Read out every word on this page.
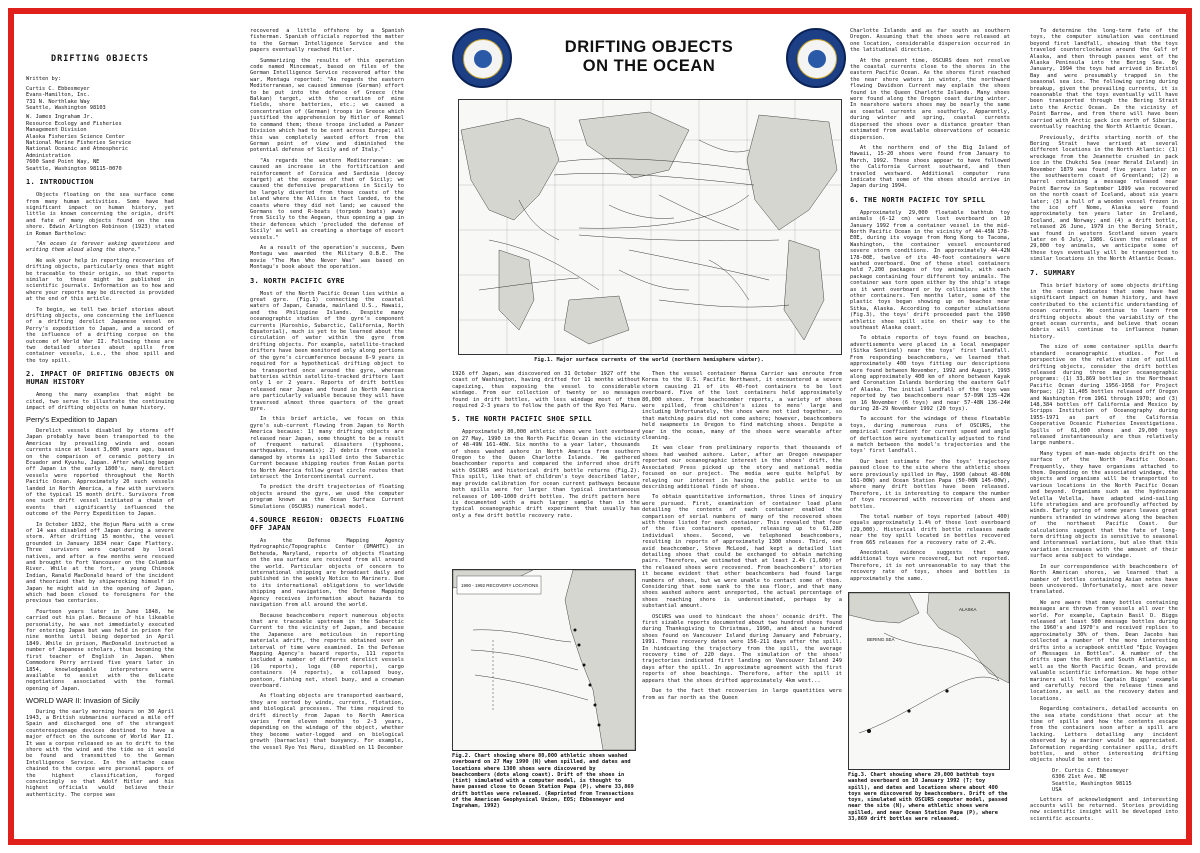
DRIFTING OBJECTS
Written by:
Curtis C. Ebbesmeyer
Evans-Hamilton, Inc.
731 N. Northlake Way
Seattle, Washington 98103
W. James Ingraham Jr.
Resource Ecology and Fisheries
Management Division
Alaska Fisheries Science Center
National Marine Fisheries Service
National Oceanic and Atmospheric
Administration
7600 Sand Point Way, NE
Seattle, Washington 98115-0070
1. INTRODUCTION

Objects floating on the sea surface come from many human activities. Some have had significant impact on human history, yet little is known concerning the origin, drift and fate of many objects found on the sea shore. Edwin Arlington Robinson (1923) stated in Roman Bartholow:

"An ocean is forever asking questions and writing them aloud along the shore."

We ask your help in reporting recoveries of drifting objects, particularly ones that might be traceable to their origin, so that reports similar to these might be published in scientific journals. Information as to how and where your reports may be directed is provided at the end of this article.

To begin, we tell two brief stories about drifting objects, one concerning the influence of a drifting derelict Japanese vessel on Perry's expedition to Japan, and a second of the influence of a drifting corpse on the outcome of World War II. Following these are two detailed stories about spills from container vessels, i.e., the shoe spill and the toy spill.

2. IMPACT OF DRIFTING OBJECTS ON HUMAN HISTORY

Among the many examples that might be cited, two serve to illustrate the continuing impact of drifting objects on human history.

Perry's Expedition to Japan

Derelict vessels disabled by storms off Japan probably have been transported to the Americas by prevailing winds and ocean currents since at least 3,000 years ago, based on the comparison of ceramic pottery in Ecuador and Kyushu, Japan. After whaling began off Japan in the early 1800's, many derelict vessels were reported throughout the North Pacific Ocean. Approximately 20 such vessels landed in North America, a few with survivors of the typical 15 month drift. Survivors from one such drift vessel initiated a chain of events that significantly influenced the outcome of the Perry Expedition to Japan.

In October 1832, the Hojun Maru with a crew of 14 was disabled off Japan during a severe storm. After drifting 15 months, the vessel grounded in January 1834 near Cape Flattery. Three survivors were captured by local natives, and after a few months were rescued and brought to Fort Vancouver on the Columbia River. While at the fort, a young Chinook Indian, Ranald MacDonald heard of the incident and theorized that by shipwrecking himself in Japan he might aid in the opening of Japan, which had been closed to foreigners for the previous two centuries.

Fourteen years later in June 1848, he carried out his plan. Because of his likeable personality, he was not immediately executed for entering Japan but was held in prison for nine months until being deported in April 1849. While in prison, MacDonald instructed a number of Japanese scholars, thus becoming the first teacher of English in Japan. When Commodore Perry arrived five years later in 1854, knowledgeable interpreters were available to assist with the delicate negotiations associated with the formal opening of Japan.

WORLD WAR II: Invasion of Sicily

During the early morning hours on 30 April 1943, a British submarine surfaced a mile off Spain and discharged one of the strangest counterespionage devices destined to have a major effect on the outcome of World War II. It was a corpse released so as to drift to the shore with the wind and the tide so it would be found and transmitted to the German Intelligence Service. In the attache case chained to the corpse were personal papers of the highest classification, forged convincingly so that Adolf Hitler and his highest officials would believe their authenticity. The corpse was

recovered a little offshore by a Spanish fisherman. Spanish officials reported the matter to the German Intelligence Service and the papers eventually reached Hitler.

Summarizing the results of this operation code named Mincemeat, based on files of the German Intelligence Service recovered after the war, Montagu reported: "As regards the eastern Mediterranean, we caused immense (German) effort to be put into the defence of Greece (the Balkan) target, with the creation of mine fields, shore batteries, etc.; we caused a concentration of (German) troops in Greece which justified the apprehension by Hitler of Rommel to command them; these troops included a Panzer Division which had to be sent across Europe; all this was completely wasted effort from the German point of view and diminished the potential defense of Sicily and of Italy."

"As regards the western Mediterranean: we caused an increase in the fortification and reinforcement of Corsica and Sardinia (decoy target) at the expense of that of Sicily; we caused the defensive preparations in Sicily to be largely diverted from those coasts of the island where the Allies in fact landed, to the coasts where they did not land; we caused the Germans to send R-boats (torpedo boats) away from Sicily to the Aegean, thus opening a gap in their defences which 'precluded the defense of Sicily' as well as creating a shortage of escort vessels."

As a result of the operation's success, Ewen Montagu was awarded the Military O.B.E. The movie "The Man Who Never Was" was based on Montagu's book about the operation.

3. NORTH PACIFIC GYRE

Most of the North Pacific Ocean lies within a great gyre. (Fig.1) connecting the coastal waters of Japan, Canada, mainland U.S., Hawaii, and the Philippine Islands. Despite many oceanographic studies of the gyre's component currents (Kuroshio, Subarctic, California, North Equatorial), much is yet to be learned about the circulation of water within the gyre from drifting objects. For example, satellite-tracked drifters have been monitored only along portions of the gyre's circumference because 6-9 years is required for a hypothetical drifting object to be transported once around the gyre, whereas batteries within satellite-tracked drifters last only 1 or 2 years. Reports of drift bottles released near Japan and found in North America are particularly valuable because they will have traversed almost three quarters of the great gyre.

In this brief article, we focus on this gyre's sub-current flowing from Japan to North America because: 1) many drifting objects are released near Japan, some thought to be a result of frequent natural disasters (typhoons, earthquakes, tsunamis); 2) debris from vessels damaged by storms is spilled into the Subarctic Current because shipping routes from Asian ports to North America follow great circle routes that intersect the Intercontinental current.

To predict the drift trajectories of floating objects around the gyre, we used the computer program known as the Ocean Surface Current Simulations (OSCURS) numerical model.

4.SOURCE REGION: OBJECTS FLOATING OFF JAPAN

As the Defense Mapping Agency Hydrographic/Topographic Center (DMAHTC) in Bethesda, Maryland, reports of objects floating on the sea surface are received from all around the world. Particular objects of concern to international shipping are broadcast daily and published in the weekly Notice to Mariners. Due to its international obligations to worldwide shipping and navigation, the Defense Mapping Agency receives information about hazards to navigation from all around the world.

Because beachcombers report numerous objects that are traceable upstream in the Subarctic Current to the vicinity of Japan, and because the Japanese are meticulous in reporting materials adrift, the reports obtained over an interval of time were examined. In the Defense Mapping Agency's hazard reports, 111 reports included a number of different derelict vessels (16 reports), logs (60 reports), cargo containers (4 reports), a collapsed buoy, pontoon, fishing net, steel buoy, and a crewman overboard.

As floating objects are transported eastward, they are sorted by winds, currents, flotation, and biological processes. The time required to drift directly from Japan to North America varies from eleven months to 2-3 years, depending on the windage of the object, whether they become water-logged and on biological growth (barnacles) that buoyancy. For example, the vessel Ryo Yei Maru, disabled on 11 December

DRIFTING OBJECTS
ON THE OCEAN
Fig.1. Major surface currents of the world (northern hemisphere winter).

1926 off Japan, was discovered on 31 October 1927 off the coast of Washington, having drifted for 11 months without capsizing, thus exposing the vessel to considerable windage. From our collection of twenty or so messages found in drift bottles, with less windage most of them required 2-3 years to follow the path of the Ryo Yei Maru.

5. THE NORTH PACIFIC SHOE SPILL

Approximately 80,000 athletic shoes were lost overboard on 27 May, 1990 in the North Pacific Ocean in the vicinity of 48-49N 161-40W. Six months to a year later, thousands of shoes washed ashore in North America from southern Oregon to the Queen Charlotte Islands. We gathered beachcomber reports and compared the inferred shoe drift with OSCURS and historical drift bottle returns (Fig.2). This spill, like that of children's toys described later, may provide calibration for ocean current pathways because both spills were for larger than typical instantaneous releases of 100-1000 drift bottles. The drift pattern here is documented with a much larger sample than in the typical oceanographic drift experiment that usually has only a few drift bottle recovery rate.

1990 - 1992 RECOVERY LOCATIONS
Fig.2. Chart showing where 80,000 athletic shoes washed overboard on 27 May 1990 (N) when spilled, and dates and locations where 1300 shoes were discovered by beachcombers (dots along coast). Drift of the shoes in (tint) simulated with a computer model, is thought to have passed close to Ocean Station Papa (P), where 33,869 drift bottles were released. (Reprinted from Transactions of the American Geophysical Union, EOS; Ebbesmeyer and Ingraham, 1992)

Then the vessel container Hansa Carrier was enroute from Korea to the U.S. Pacific Northwest, it encountered a severe storm causing 21 of its 40-foot containers to be lost overboard. Five of the lost containers held approximately 80,000 shoes. From beachcomber reports, a variety of shoes were spilled, from children's sizes to mens' large and including Unfortunately, the shoes were not tied together, so that matching pairs did not come ashore; however, beachcombers held swapmeets in Oregon to find matching shoes. Despite a year in the ocean, many of the shoes were wearable after cleaning.

It was clear from preliminary reports that thousands of shoes had washed ashore. Later, after an Oregon newspaper reported our oceanographic interest in the shoes' drift, the Associated Press picked up the story and national media focused on our project. The media were quite helpful by relaying our interest in having the public write to us describing additional finds of shoes.

To obtain quantitative information, three lines of inquiry were pursued. First, examination of container load plans detailing the contents of each container enabled the comparison of serial numbers of many of the recovered shoes with those listed for each container. This revealed that four of the five containers opened, releasing up to 61,280 individual shoes. Second, we telephoned beachcombers, resulting in reports of approximately 1300 shoes. Third, one avid beachcomber, Steve McLeod, had kept a detailed list detailing shoes that could be exchanged to obtain matching pairs. Therefore, we estimated that at least 2.4% (1,600) of the released shoes were recovered. From beachcombers' stories it became evident that other beachcombers had found large numbers of shoes, but we were unable to contact some of them. Considering that some sank to the sea floor, and that many shoes washed ashore went unreported, the actual percentage of shoes reaching shore is underestimated, perhaps by a substantial amount.

OSCURS was used to hindcast the shoes' oceanic drift. The first sizable reports documented about two hundred shoes found during Thanksgiving to Christmas, 1990, and about a hundred shoes found on Vancouver Island during January and February, 1991. These recovery dates were 156-211 days after the spill. In hindcasting the trajectory from the spill, the average recovery time of 220 days. The simulation of the shoes' trajectories indicated first landing on Vancouver Island 249 days after the spill. In approximate agreement with the first reports of shoe beachings. Therefore, after the spill it appears that the shoes drifted approximately 4km west...

Due to the fact that recoveries in large quantities were from as far north as the Queen

Charlotte Islands and as far south as southern Oregon. Assuming that the shoes were released at one location, considerable dispersion occurred in the latitudinal direction.

At the present time, OSCURS does not resolve the coastal currents close to the shores in the eastern Pacific Ocean. As the shores first reached the near shore waters in winter, the northward flowing Davidson Current may explain the shoes found in the Queen Charlotte Islands. Many shoes were found along the Oregon coast during winter. In nearshore waters shoes may be nearly the same as coastal currents are southerly. Apparently, during winter and spring, coastal currents dispersed the shoes over a distance greater than estimated from available observations of oceanic dispersion.

At the northern end of the Big Island of Hawaii, 15-20 shoes were found from January to March, 1992. These shoes appear to have followed the California Current southward, and then traveled westward. Additional computer runs indicate that some of the shoes should arrive in Japan during 1994.

6. THE NORTH PACIFIC TOY SPILL

Approximately 29,000 floatable bathtub toy animals (6-12 cm) were lost overboard on 10 January 1992 from a container vessel in the mid-North Pacific Ocean in the vicinity of 44-45N 178-E0E, during its voyage from Hong Kong to Tacoma, Washington, the container vessel encountered severe storm conditions. In approximately 44-42N 178-00E, twelve of its 40-foot containers were washed overboard. One of these steel containers held 7,200 packages of toy animals, with each package containing four different toy animals. The container was torn open either by the ship's stage as it went overboard or by collisions with the other containers. Ten months later, some of the plastic toys began showing up on beaches near Sitka, Alaska. According to computer simulations (Fig.3), the toys' drift proceeded past the 1990 athletic shoe spill site on their way to the southeast Alaska coast.

To obtain reports of toys found on beaches, advertisements were placed in a local newspaper (Sitka Sentinel) near the toys' first landfall. From responding beachcombers, we learned that approximately 400 toys fitting our descriptions were found between November, 1992 and August, 1993 along approximately 400 km of shore between Kayak and Coronation Islands bordering the eastern Gulf of Alaska. The initial landfall of the toys was reported by two beachcombers near 57-09N 135-42W on 16 November (6 toys) and near 57-48N 136-24W during 28-29 November 1992 (20 toys).

To account for the windage of these floatable toys, during numerous runs of OSCURS, the empirical coefficient for current speed and angle of deflection were systematically adjusted to find a match between the model's trajectories and the toys' first landfall.

Our best estimate for the toys' trajectory passed close to the site where the athletic shoes were previously spilled in May, 1990 (about 48-00N 161-00W) and Ocean Station Papa (50-00N 145-00W), where many drift bottles have been released. Therefore, it is interesting to compare the number of toys recovered with recoveries of shoes and bottles.

The total number of toys reported (about 400) equals approximately 1.4% of those lost overboard (29,000). Historical drift bottle releases made near the toy spill located in bottles recovered from 665 releases for a recovery rate of 2.4%.

Anecdotal evidence suggests that many additional toys were recovered, but not reported. Therefore, it is not unreasonable to say that the recovery rate of toys, shoes and bottles is approximately the same.

BERING SEA
ALASKA
Fig.3. Chart showing where 29,000 bathtub toys washed overboard on 10 January 1992 (T; toy spill), and dates and locations where about 400 toys were discovered by beachcombers. Drift of the toys, simulated with OSCURS computer model, passed near the site (N), where athletic shoes were spilled, and near Ocean Station Papa (P), where 33,869 drift bottles were released.

To determine the long-term fate of the toys, the computer simulation was continued beyond first landfall, showing that the toys traveled counterclockwise around the Gulf of Alaska, and then through passes west of the Alaska Peninsula into the Bering Sea. By January, 1994 the toys had arrived in Bristol Bay and were presumably trapped in the seasonal sea ice. The following spring during breakup, given the prevailing currents, it is reasonable that the toys eventually will have been transported through the Bering Strait into the Arctic Ocean. In the vicinity of Point Barrow, and from there will have been carried with Arctic pack ice north of Siberia, eventually reaching the North Atlantic Ocean.

Previously, drifts starting north of the Bering Strait have arrived at several different locations in the North Atlantic: (1) wreckage from the Jeannette crushed in pack ice in the Chukchi Sea (near Herald Island) in November 1879 was found five years later on the southwestern coast of Greenland; (2) a barrel containing a message released near Point Barrow in September 1899 was recovered on the north coast of Iceland, about six years later; (3) a hull of a wooden vessel frozen in the ice off Nome, Alaska were found approximately ten years later in Ireland, Iceland, and Norway; and (4) a drift bottle, released 26 June, 1979 in the Bering Strait, was found in western Scotland seven years later on 6 July, 1986. Given the release of 29,000 toy animals, we anticipate some of these toys eventually will be transported to similar locations in the North Atlantic Ocean.

7. SUMMARY

This brief history of some objects drifting in the ocean indicates that some have had significant impact on human history, and have contributed to the scientific understanding of ocean currents. We continue to learn from drifting objects about the variability of the great ocean currents, and believe that ocean debris will continue to influence human history.

The size of some container spills dwarfs standard oceanographic studies. For a perspective on the relative size of spilled drifting objects, consider the drift bottles released during three major oceanographic programs: (1) 33,869 bottles in the Northeast Pacific Ocean during 1956-1958 for Project Norpac; (2) 11,405 bottles released off Oregon and Washington from 1961 through 1970; and (3) 148,384 bottles off California and Mexico by Scripps Institution of Oceanography during 1955-1971 as part of the California Cooperative Oceanic Fisheries Investigations. Spills of 61,000 shoes and 29,000 toys released instantaneously are thus relatively large numbers.

Many types of man-made objects drift on the surface of the North Pacific Ocean. Frequently, they have organisms attached to them. Depending on the associated windage, the objects and organisms will be transported to various locations in the North Pacific Ocean and beyond. Organisms such as the hydrozoan Velella Velella, have adapted wind-sailing life strategies and are profoundly affected by winds. Early spring of some years leaves great numbers stranded in windrows along the beaches of the northwest Pacific Coast. Our calculations suggest that the fate of long-term drifting objects is sensitive to seasonal and interannual variations, but also that this variation increases with the amount of their surface area subject to windage.

In our correspondence with beachcombers of North American shores, we learned that a number of bottles containing Asian notes have been uncovered. Unfortunately, most are never translated.

We are aware that many bottles containing messages are thrown from vessels all over the world. For example, Captain Basil D. Biggs released at least 500 message bottles during the 1960's and 1970's and received replies to approximately 30% of them. Dean Jacobs has collected a number of the more interesting drifts into a scrapbook entitled "Epic Voyages of Messages in Bottles". A number of the drifts span the North and South Atlantic, as well as the North Pacific Ocean, and provide valuable scientific information. We hope other mariners will follow Captain Biggs' example and carefully record the release times and locations, as well as the recovery dates and locations.

Regarding containers, detailed accounts on the sea state conditions that occur at the time of spills and how the contents escape from the containers soon after a spill are lacking. Letters detailing any incident observed by a mariner would be appreciated. Information regarding container spills, drift bottles, and other interesting drifting objects should be sent to:

Dr. Curtis C. Ebbesmeyer
6306 21st Ave. NE
Seattle, Washington 98115
USA

Letters of acknowledgment and interesting accounts will be returned. Stories providing new scientific insight will be developed into scientific accounts.
